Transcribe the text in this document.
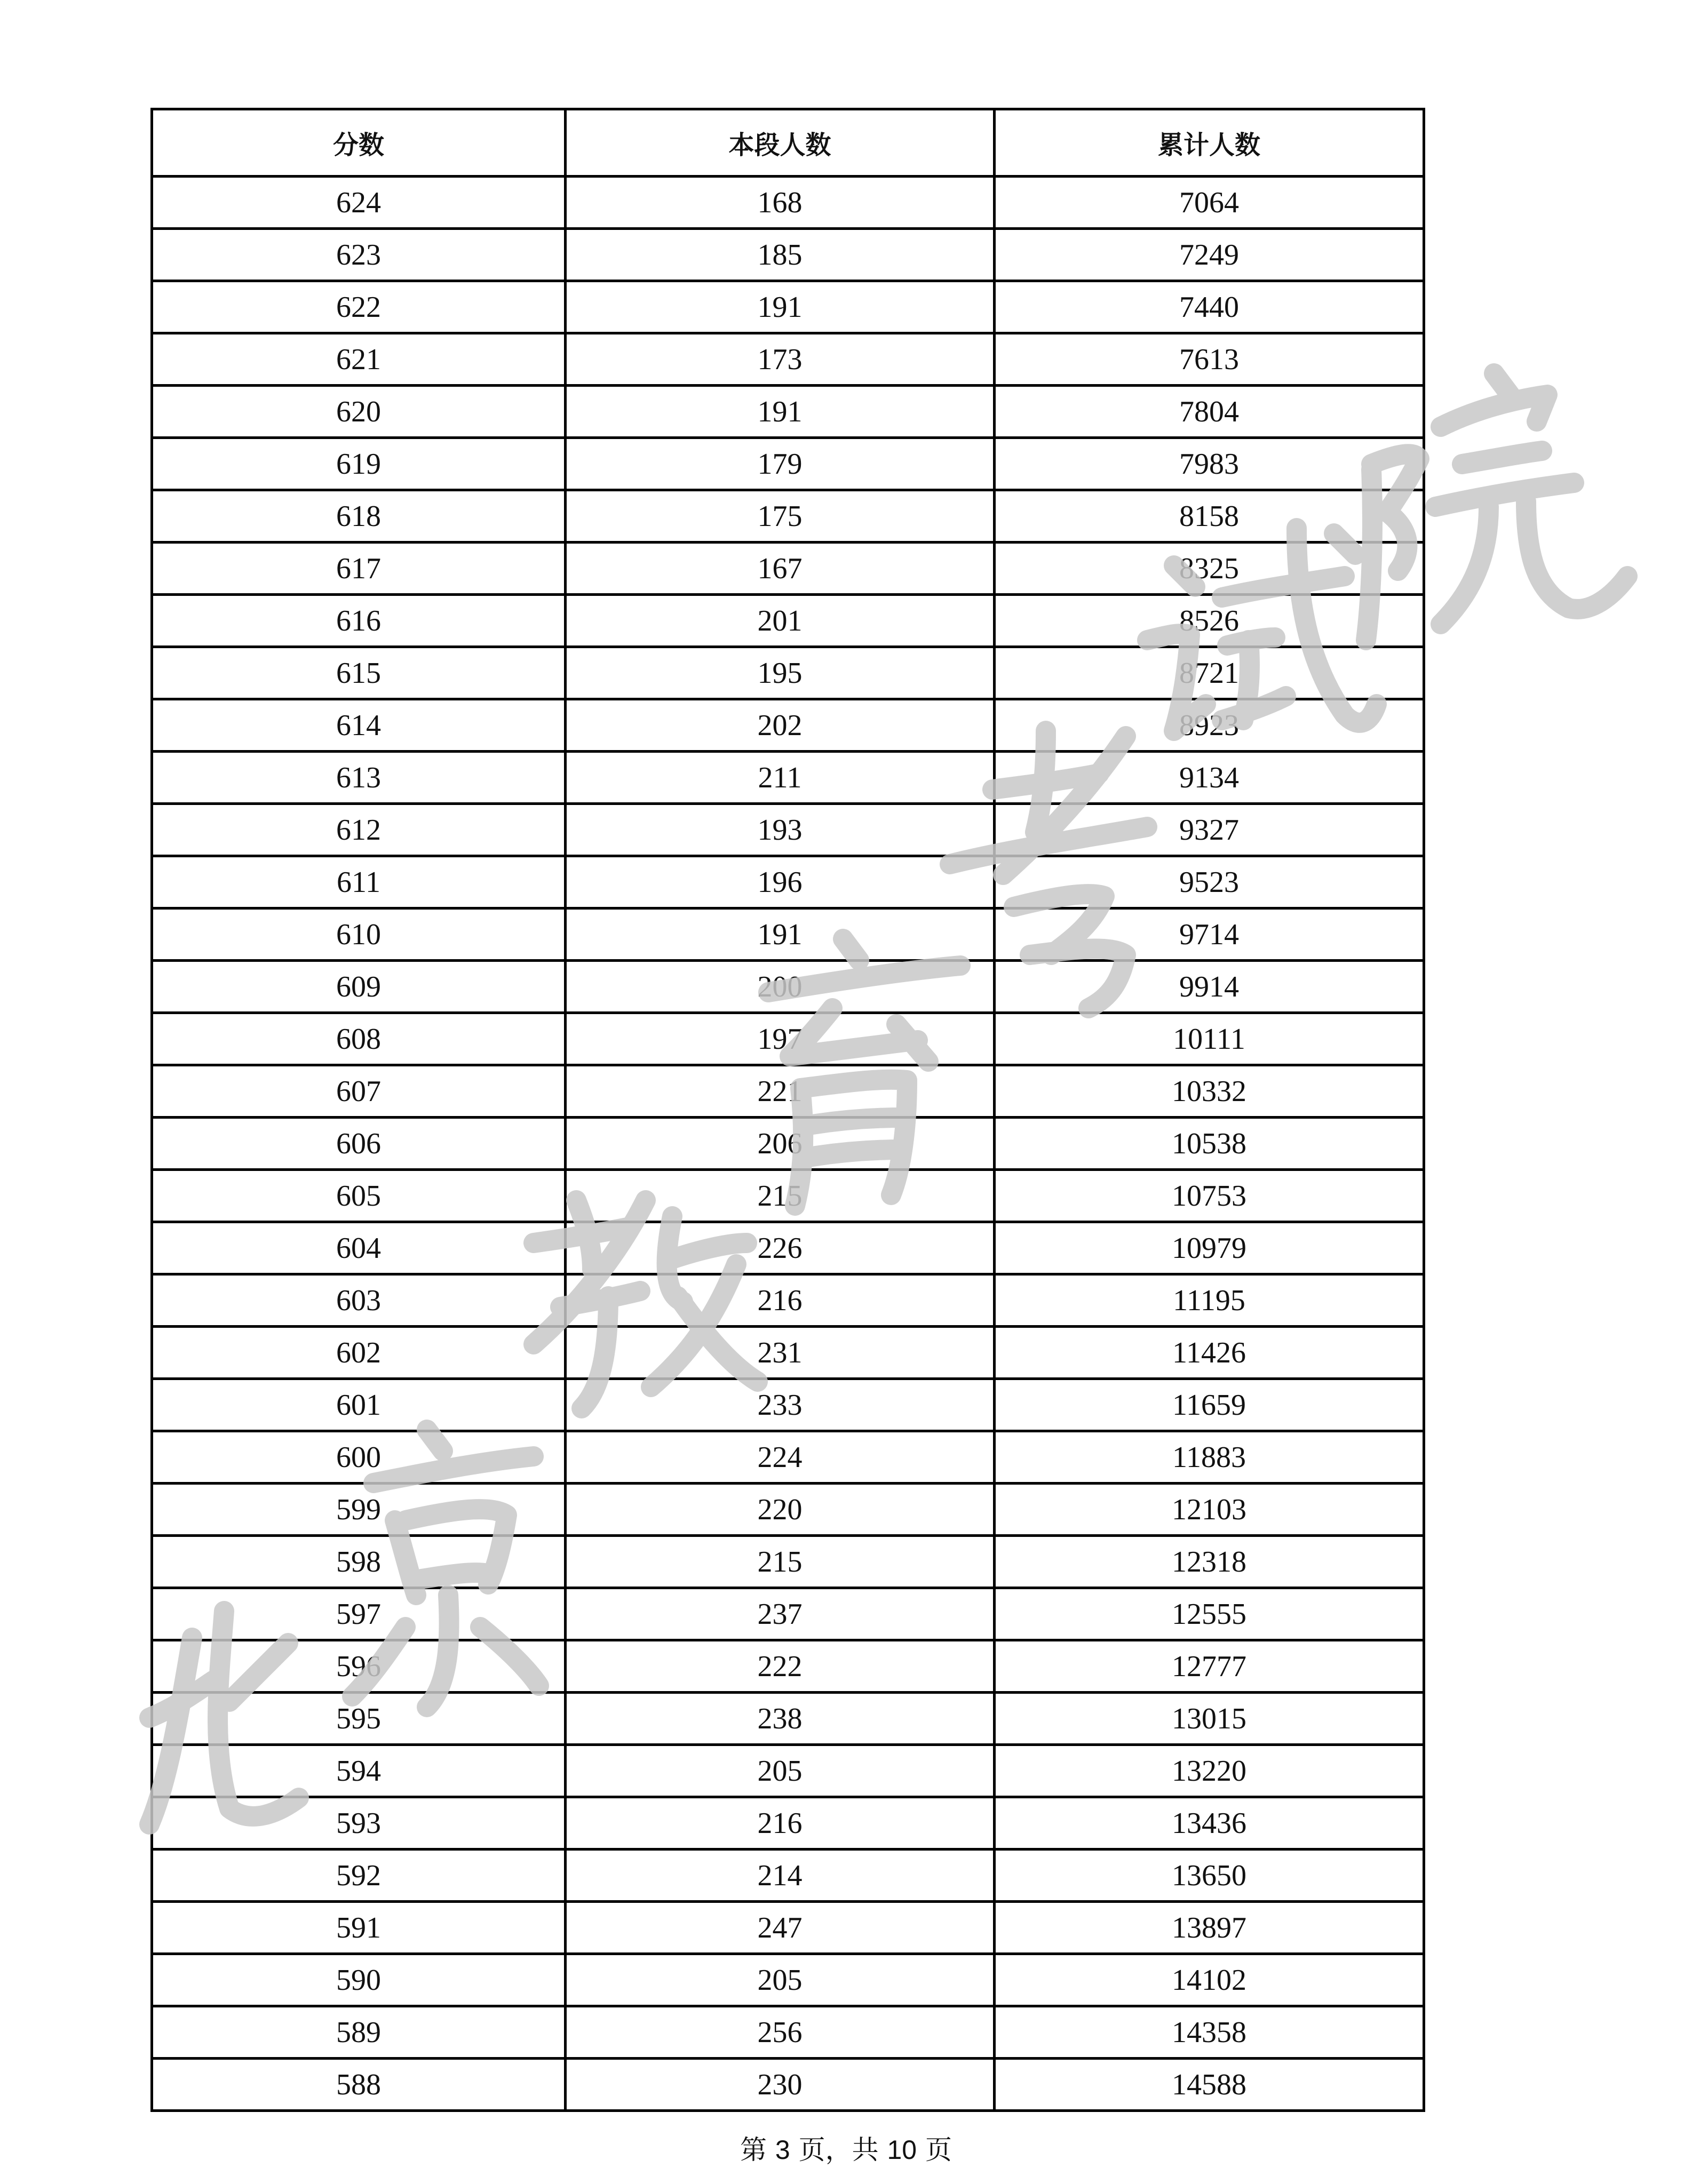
分数	本段人数	累计人数
624	168	7064
623	185	7249
622	191	7440
621	173	7613
620	191	7804
619	179	7983
618	175	8158
617	167	8325
616	201	8526
615	195	8721
614	202	8923
613	211	9134
612	193	9327
611	196	9523
610	191	9714
609	200	9914
608	197	10111
607	221	10332
606	206	10538
605	215	10753
604	226	10979
603	216	11195
602	231	11426
601	233	11659
600	224	11883
599	220	12103
598	215	12318
597	237	12555
596	222	12777
595	238	13015
594	205	13220
593	216	13436
592	214	13650
591	247	13897
590	205	14102
589	256	14358
588	230	14588
第 3 页，共 10 页
